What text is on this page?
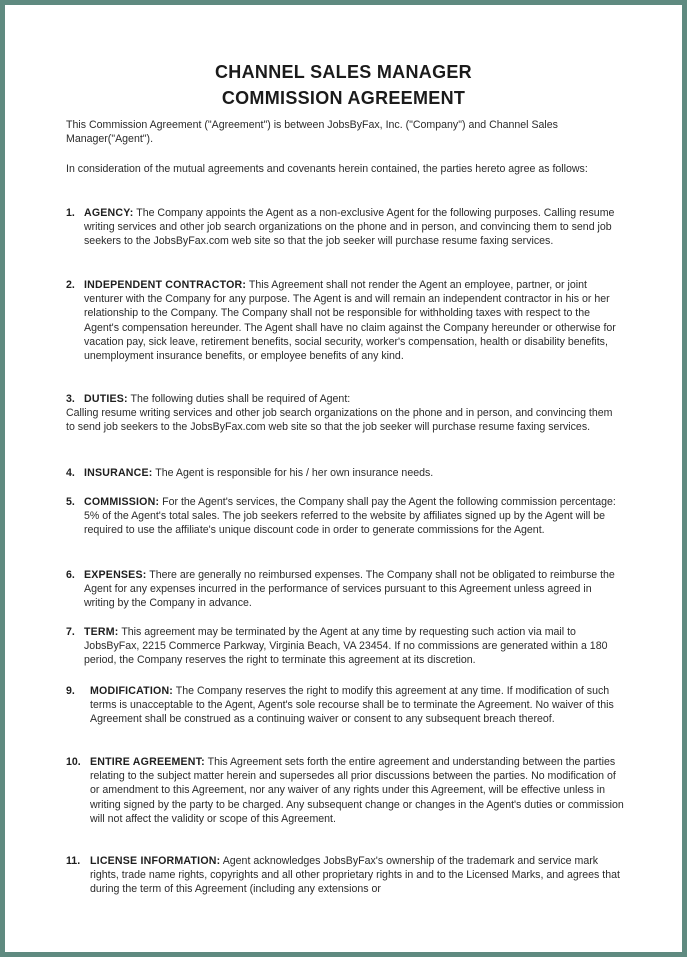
CHANNEL SALES MANAGER
COMMISSION AGREEMENT
This Commission Agreement ("Agreement") is between JobsByFax, Inc. ("Company") and Channel Sales Manager("Agent").
In consideration of the mutual agreements and covenants herein contained, the parties hereto agree as follows:
1. AGENCY: The Company appoints the Agent as a non-exclusive Agent for the following purposes. Calling resume writing services and other job search organizations on the phone and in person, and convincing them to send job seekers to the JobsByFax.com web site so that the job seeker will purchase resume faxing services.
2. INDEPENDENT CONTRACTOR: This Agreement shall not render the Agent an employee, partner, or joint venturer with the Company for any purpose. The Agent is and will remain an independent contractor in his or her relationship to the Company. The Company shall not be responsible for withholding taxes with respect to the Agent's compensation hereunder. The Agent shall have no claim against the Company hereunder or otherwise for vacation pay, sick leave, retirement benefits, social security, worker's compensation, health or disability benefits, unemployment insurance benefits, or employee benefits of any kind.
3. DUTIES: The following duties shall be required of Agent:
Calling resume writing services and other job search organizations on the phone and in person, and convincing them to send job seekers to the JobsByFax.com web site so that the job seeker will purchase resume faxing services.
4. INSURANCE: The Agent is responsible for his / her own insurance needs.
5. COMMISSION: For the Agent's services, the Company shall pay the Agent the following commission percentage: 5% of the Agent's total sales. The job seekers referred to the website by affiliates signed up by the Agent will be required to use the affiliate's unique discount code in order to generate commissions for the Agent.
6. EXPENSES: There are generally no reimbursed expenses. The Company shall not be obligated to reimburse the Agent for any expenses incurred in the performance of services pursuant to this Agreement unless agreed in writing by the Company in advance.
7. TERM: This agreement may be terminated by the Agent at any time by requesting such action via mail to JobsByFax, 2215 Commerce Parkway, Virginia Beach, VA 23454. If no commissions are generated within a 180 period, the Company reserves the right to terminate this agreement at its discretion.
9. MODIFICATION: The Company reserves the right to modify this agreement at any time. If modification of such terms is unacceptable to the Agent, Agent's sole recourse shall be to terminate the Agreement. No waiver of this Agreement shall be construed as a continuing waiver or consent to any subsequent breach thereof.
10. ENTIRE AGREEMENT: This Agreement sets forth the entire agreement and understanding between the parties relating to the subject matter herein and supersedes all prior discussions between the parties. No modification of or amendment to this Agreement, nor any waiver of any rights under this Agreement, will be effective unless in writing signed by the party to be charged. Any subsequent change or changes in the Agent's duties or commission will not affect the validity or scope of this Agreement.
11. LICENSE INFORMATION: Agent acknowledges JobsByFax's ownership of the trademark and service mark rights, trade name rights, copyrights and all other proprietary rights in and to the Licensed Marks, and agrees that during the term of this Agreement (including any extensions or
